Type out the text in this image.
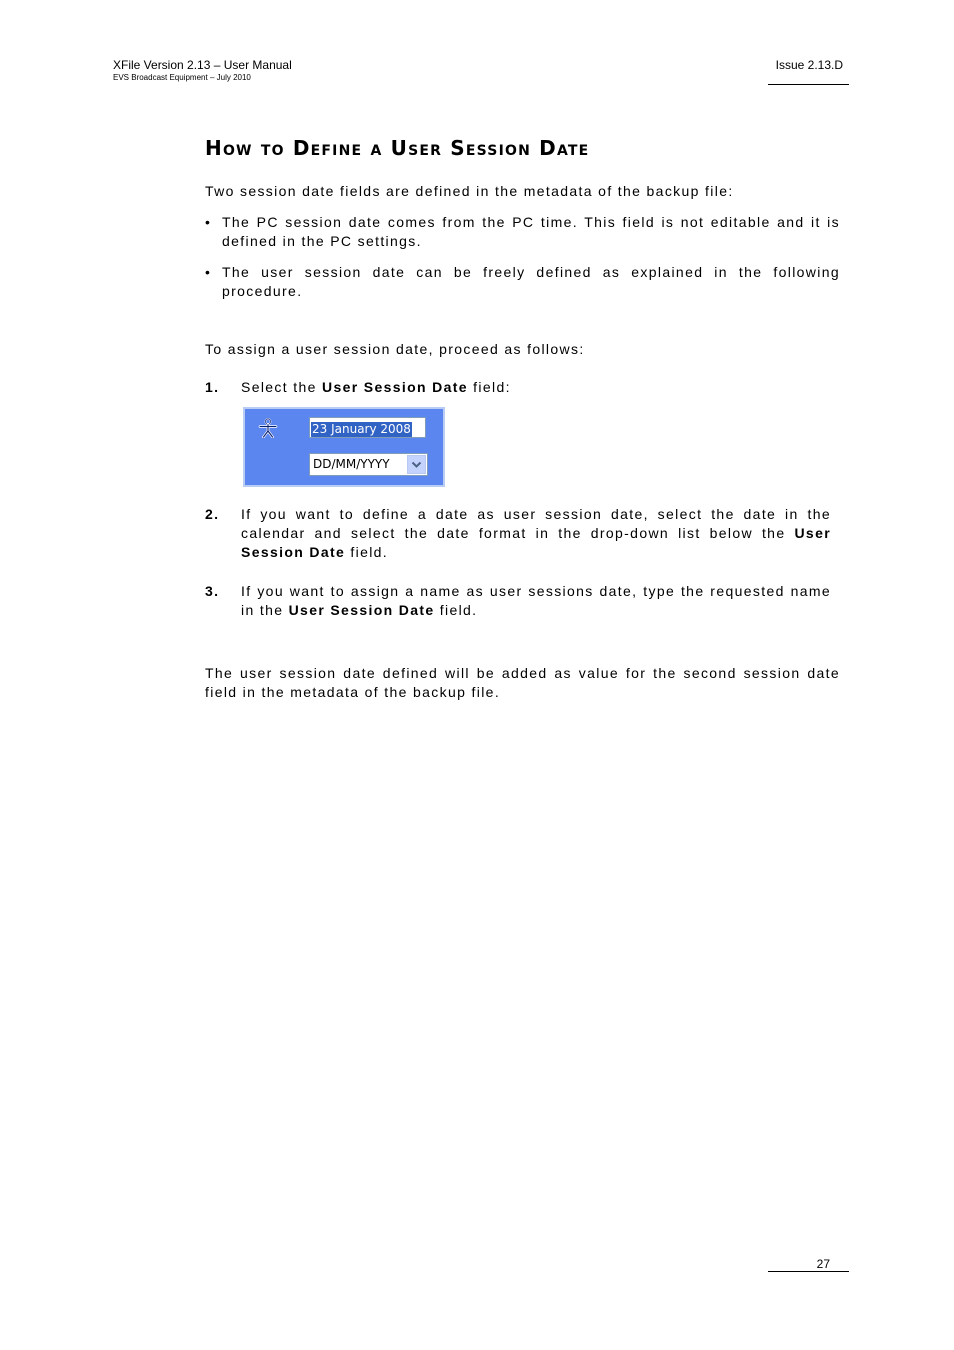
XFile Version 2.13 – User Manual
EVS Broadcast Equipment – July 2010
Issue 2.13.D
How to Define a User Session Date

Two session date fields are defined in the metadata of the backup file:

• The PC session date comes from the PC time. This field is not editable and it is defined in the PC settings.
• The user session date can be freely defined as explained in the following procedure.

To assign a user session date, proceed as follows:

1. Select the User Session Date field:
23 January 2008
DD/MM/YYYY
2. If you want to define a date as user session date, select the date in the calendar and select the date format in the drop-down list below the User Session Date field.
3. If you want to assign a name as user sessions date, type the requested name in the User Session Date field.

The user session date defined will be added as value for the second session date field in the metadata of the backup file.

27
